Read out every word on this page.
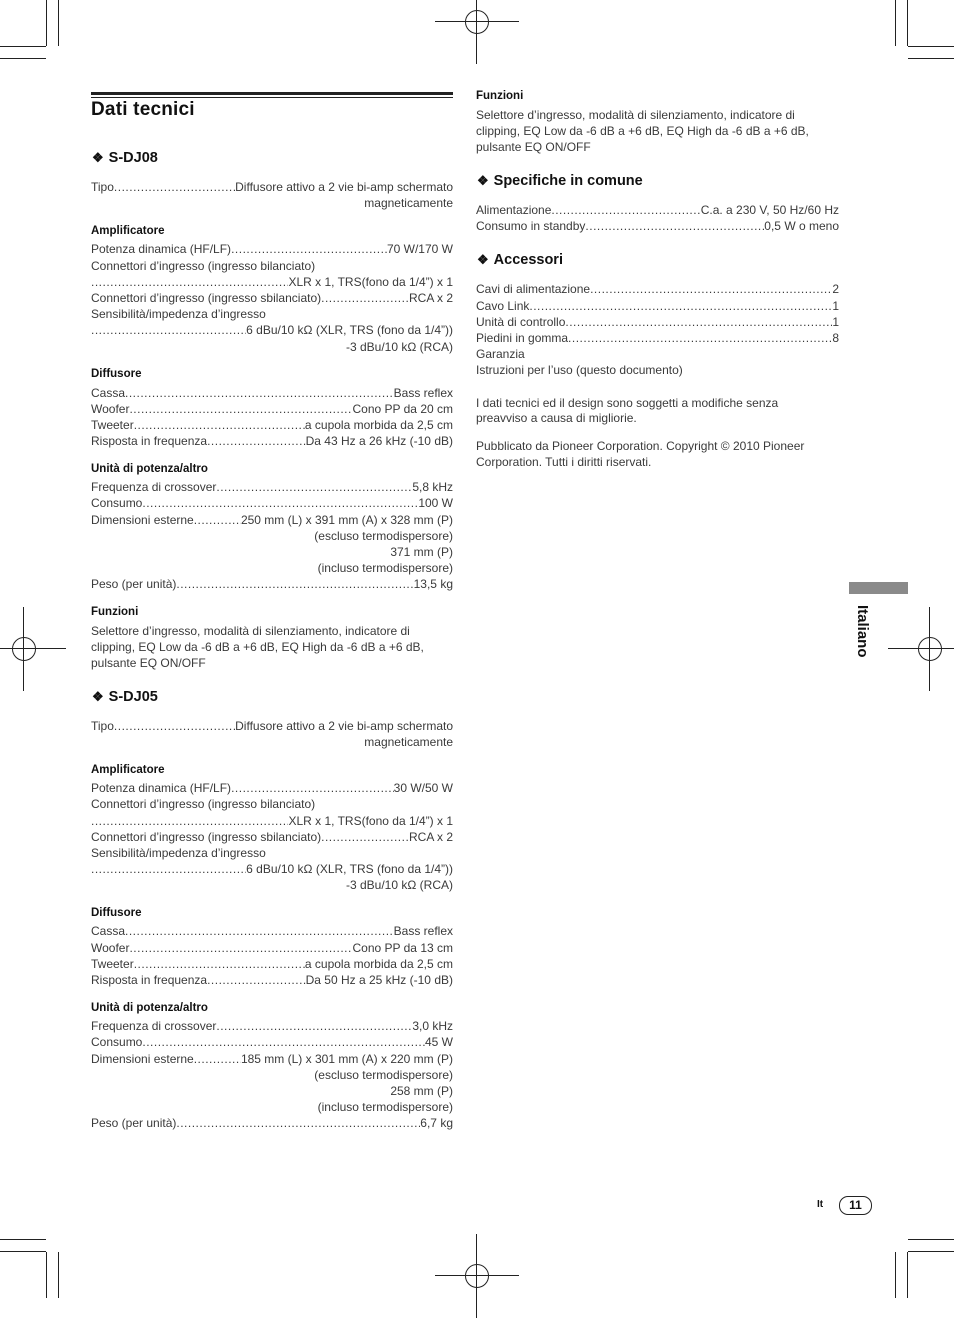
Dati tecnici
❖ S-DJ08
Tipo .....	Diffusore attivo a 2 vie bi-amp schermato
magneticamente
Amplificatore
Potenza dinamica (HF/LF) .....	70 W/170 W
Connettori d’ingresso (ingresso bilanciato)
.....
XLR x 1, TRS(fono da 1/4”) x 1
Connettori d’ingresso (ingresso sbilanciato) .....	RCA x 2
Sensibilità/impedenza d’ingresso
.....
6 dBu/10 kΩ (XLR, TRS (fono da 1/4”))
-3 dBu/10 kΩ (RCA)
Diffusore
Cassa .....	Bass reflex
Woofer .....	Cono PP da 20 cm
Tweeter .....	a cupola morbida da 2,5 cm
Risposta in frequenza .....	Da 43 Hz a 26 kHz (-10 dB)
Unità di potenza/altro
Frequenza di crossover .....	5,8 kHz
Consumo .....	100 W
Dimensioni esterne .....	250 mm (L) x 391 mm (A) x 328 mm (P)
(escluso termodispersore)
371 mm (P)
(incluso termodispersore)
Peso (per unità) .....	13,5 kg
Funzioni
Selettore d’ingresso, modalità di silenziamento, indicatore di
clipping, EQ Low da -6 dB a +6 dB, EQ High da -6 dB a +6 dB,
pulsante EQ ON/OFF
❖ S-DJ05
Tipo .....	Diffusore attivo a 2 vie bi-amp schermato
magneticamente
Amplificatore
Potenza dinamica (HF/LF) .....	30 W/50 W
Connettori d’ingresso (ingresso bilanciato)
.....
XLR x 1, TRS(fono da 1/4”) x 1
Connettori d’ingresso (ingresso sbilanciato) .....	RCA x 2
Sensibilità/impedenza d’ingresso
.....
6 dBu/10 kΩ (XLR, TRS (fono da 1/4”))
-3 dBu/10 kΩ (RCA)
Diffusore
Cassa .....	Bass reflex
Woofer .....	Cono PP da 13 cm
Tweeter .....	a cupola morbida da 2,5 cm
Risposta in frequenza .....	Da 50 Hz a 25 kHz (-10 dB)
Unità di potenza/altro
Frequenza di crossover .....	3,0 kHz
Consumo .....	45 W
Dimensioni esterne .....	185 mm (L) x 301 mm (A) x 220 mm (P)
(escluso termodispersore)
258 mm (P)
(incluso termodispersore)
Peso (per unità) .....	6,7 kg
Funzioni
Selettore d’ingresso, modalità di silenziamento, indicatore di
clipping, EQ Low da -6 dB a +6 dB, EQ High da -6 dB a +6 dB,
pulsante EQ ON/OFF
❖ Specifiche in comune
Alimentazione .....	C.a. a 230 V, 50 Hz/60 Hz
Consumo in standby .....	0,5 W o meno
❖ Accessori
Cavi di alimentazione .....	2
Cavo Link .....	1
Unità di controllo .....	1
Piedini in gomma .....	8
Garanzia
Istruzioni per l’uso (questo documento)
I dati tecnici ed il design sono soggetti a modifiche senza
preavviso a causa di migliorie.
Pubblicato da Pioneer Corporation. Copyright © 2010 Pioneer
Corporation. Tutti i diritti riservati.
Italiano
It	11
